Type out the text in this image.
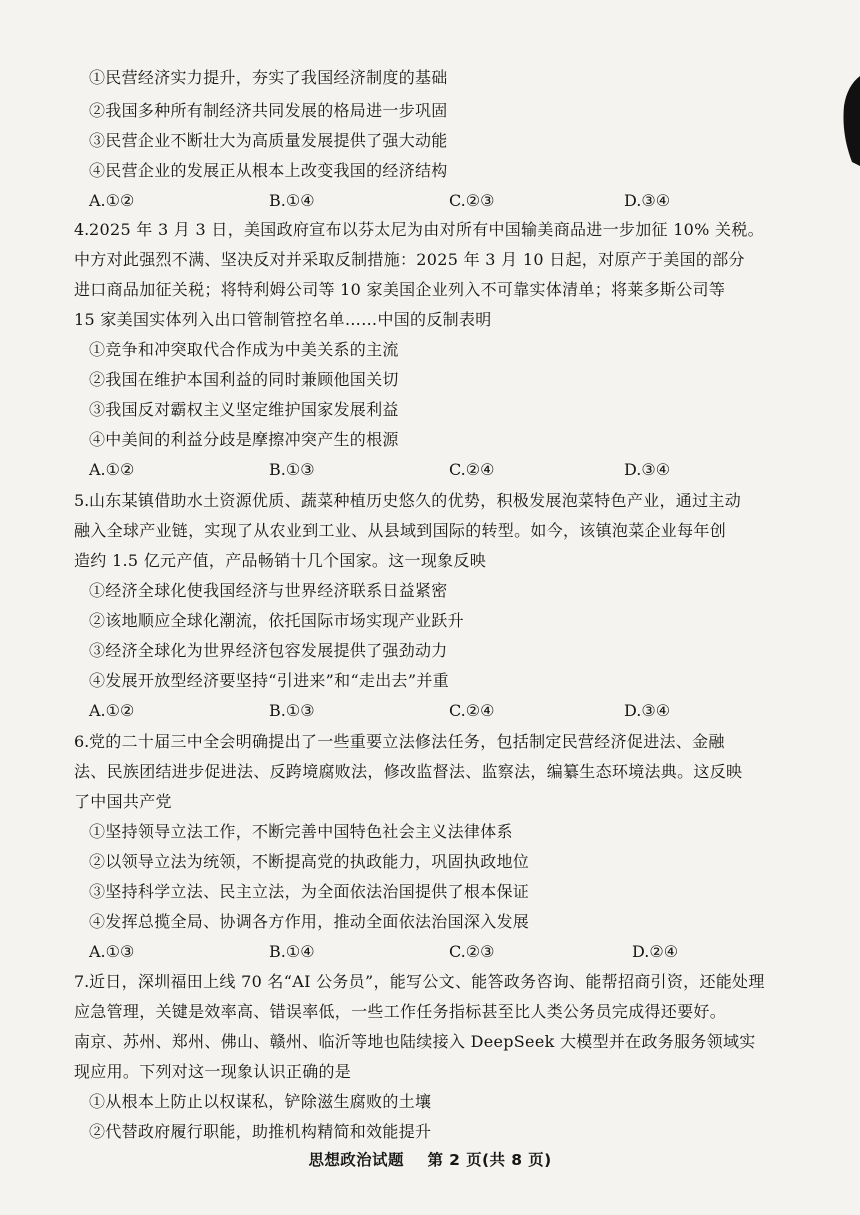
①民营经济实力提升，夯实了我国经济制度的基础
②我国多种所有制经济共同发展的格局进一步巩固
③民营企业不断壮大为高质量发展提供了强大动能
④民营企业的发展正从根本上改变我国的经济结构
A.①②	B.①④	C.②③	D.③④
4. 2025 年 3 月 3 日，美国政府宣布以芬太尼为由对所有中国输美商品进一步加征 10% 关税。
中方对此强烈不满、坚决反对并采取反制措施：2025 年 3 月 10 日起，对原产于美国的部分
进口商品加征关税；将特利姆公司等 10 家美国企业列入不可靠实体清单；将莱多斯公司等
15 家美国实体列入出口管制管控名单……中国的反制表明
①竞争和冲突取代合作成为中美关系的主流
②我国在维护本国利益的同时兼顾他国关切
③我国反对霸权主义坚定维护国家发展利益
④中美间的利益分歧是摩擦冲突产生的根源
A.①②	B.①③	C.②④	D.③④
5. 山东某镇借助水土资源优质、蔬菜种植历史悠久的优势，积极发展泡菜特色产业，通过主动
融入全球产业链，实现了从农业到工业、从县域到国际的转型。如今，该镇泡菜企业每年创
造约 1.5 亿元产值，产品畅销十几个国家。这一现象反映
①经济全球化使我国经济与世界经济联系日益紧密
②该地顺应全球化潮流，依托国际市场实现产业跃升
③经济全球化为世界经济包容发展提供了强劲动力
④发展开放型经济要坚持“引进来”和“走出去”并重
A.①②	B.①③	C.②④	D.③④
6. 党的二十届三中全会明确提出了一些重要立法修法任务，包括制定民营经济促进法、金融
法、民族团结进步促进法、反跨境腐败法，修改监督法、监察法，编纂生态环境法典。这反映
了中国共产党
①坚持领导立法工作，不断完善中国特色社会主义法律体系
②以领导立法为统领，不断提高党的执政能力，巩固执政地位
③坚持科学立法、民主立法，为全面依法治国提供了根本保证
④发挥总揽全局、协调各方作用，推动全面依法治国深入发展
A.①③	B.①④	C.②③	D.②④
7. 近日，深圳福田上线 70 名“AI 公务员”，能写公文、能答政务咨询、能帮招商引资，还能处理
应急管理，关键是效率高、错误率低，一些工作任务指标甚至比人类公务员完成得还要好。
南京、苏州、郑州、佛山、赣州、临沂等地也陆续接入 DeepSeek 大模型并在政务服务领域实
现应用。下列对这一现象认识正确的是
①从根本上防止以权谋私，铲除滋生腐败的土壤
②代替政府履行职能，助推机构精简和效能提升
思想政治试题 第 2 页(共 8 页)
